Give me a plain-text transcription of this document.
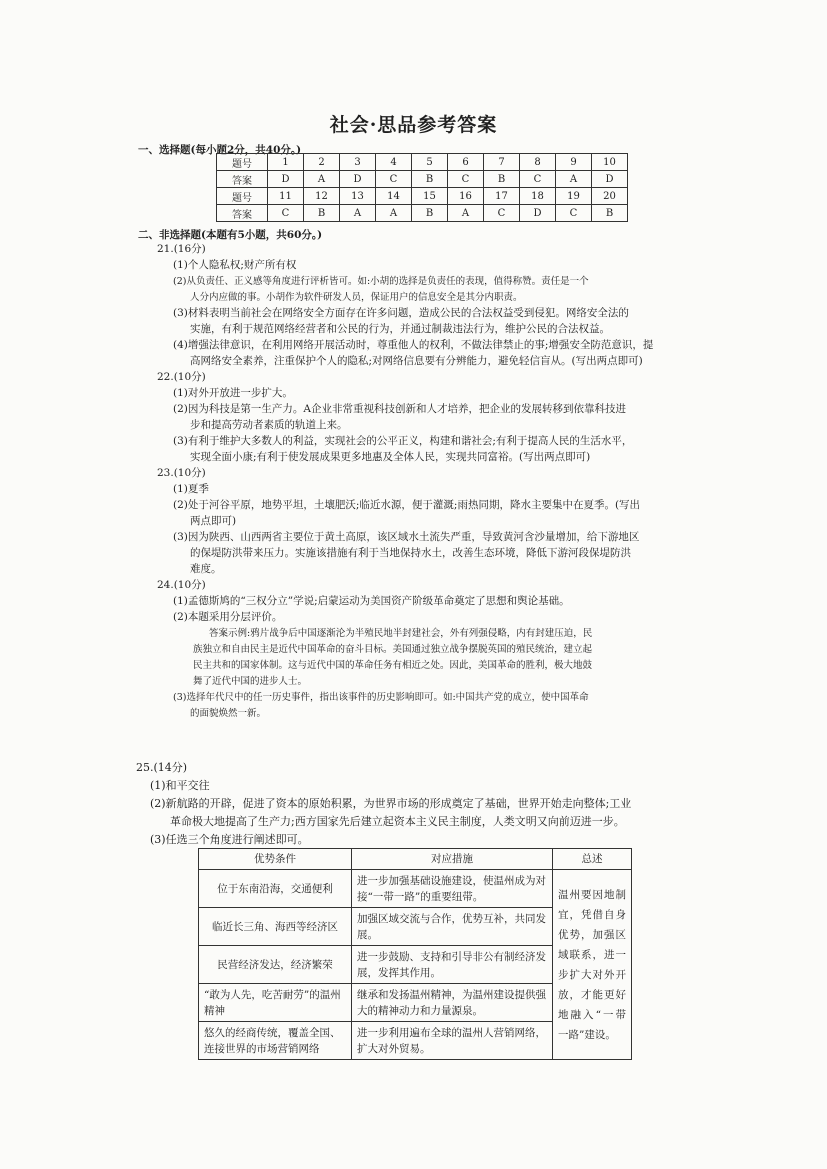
社会·思品参考答案
一、选择题(每小题2分，共40分。)
题号	1	2	3	4	5	6	7	8	9	10
答案	D	A	D	C	B	C	B	C	A	D
题号	11	12	13	14	15	16	17	18	19	20
答案	C	B	A	A	B	A	C	D	C	B
二、非选择题(本题有5小题，共60分。)
21.(16分)
(1)个人隐私权;财产所有权
(2)从负责任、正义感等角度进行评析皆可。如:小胡的选择是负责任的表现，值得称赞。责任是一个
人分内应做的事。小胡作为软件研发人员，保证用户的信息安全是其分内职责。
(3)材料表明当前社会在网络安全方面存在许多问题，造成公民的合法权益受到侵犯。网络安全法的
实施，有利于规范网络经营者和公民的行为，并通过制裁违法行为，维护公民的合法权益。
(4)增强法律意识，在利用网络开展活动时，尊重他人的权利，不做法律禁止的事;增强安全防范意识，提
高网络安全素养，注重保护个人的隐私;对网络信息要有分辨能力，避免轻信盲从。(写出两点即可)
22.(10分)
(1)对外开放进一步扩大。
(2)因为科技是第一生产力。A企业非常重视科技创新和人才培养，把企业的发展转移到依靠科技进
步和提高劳动者素质的轨道上来。
(3)有利于维护大多数人的利益，实现社会的公平正义，构建和谐社会;有利于提高人民的生活水平，
实现全面小康;有利于使发展成果更多地惠及全体人民，实现共同富裕。(写出两点即可)
23.(10分)
(1)夏季
(2)处于河谷平原，地势平坦，土壤肥沃;临近水源，便于灌溉;雨热同期，降水主要集中在夏季。(写出
两点即可)
(3)因为陕西、山西两省主要位于黄土高原，该区域水土流失严重，导致黄河含沙量增加，给下游地区
的保堤防洪带来压力。实施该措施有利于当地保持水土，改善生态环境，降低下游河段保堤防洪
难度。
24.(10分)
(1)孟德斯鸠的“三权分立”学说;启蒙运动为美国资产阶级革命奠定了思想和舆论基础。
(2)本题采用分层评价。
答案示例:鸦片战争后中国逐渐沦为半殖民地半封建社会，外有列强侵略，内有封建压迫，民
族独立和自由民主是近代中国革命的奋斗目标。美国通过独立战争摆脱英国的殖民统治，建立起
民主共和的国家体制。这与近代中国的革命任务有相近之处。因此，美国革命的胜利，极大地鼓
舞了近代中国的进步人士。
(3)选择年代尺中的任一历史事件，指出该事件的历史影响即可。如:中国共产党的成立，使中国革命
的面貌焕然一新。
25.(14分)
(1)和平交往
(2)新航路的开辟，促进了资本的原始积累，为世界市场的形成奠定了基础，世界开始走向整体;工业
革命极大地提高了生产力;西方国家先后建立起资本主义民主制度，人类文明又向前迈进一步。
(3)任选三个角度进行阐述即可。
优势条件	对应措施	总述
位于东南沿海，交通便利	进一步加强基础设施建设，使温州成为对接“一带一路”的重要纽带。	温州要因地制宜，凭借自身优势，加强区域联系，进一步扩大对外开放，才能更好地融入“一带一路”建设。
临近长三角、海西等经济区	加强区域交流与合作，优势互补，共同发展。	
民营经济发达，经济繁荣	进一步鼓励、支持和引导非公有制经济发展，发挥其作用。	
“敢为人先，吃苦耐劳”的温州精神	继承和发扬温州精神，为温州建设提供强大的精神动力和力量源泉。	
悠久的经商传统，覆盖全国、连接世界的市场营销网络	进一步利用遍布全球的温州人营销网络，扩大对外贸易。	
